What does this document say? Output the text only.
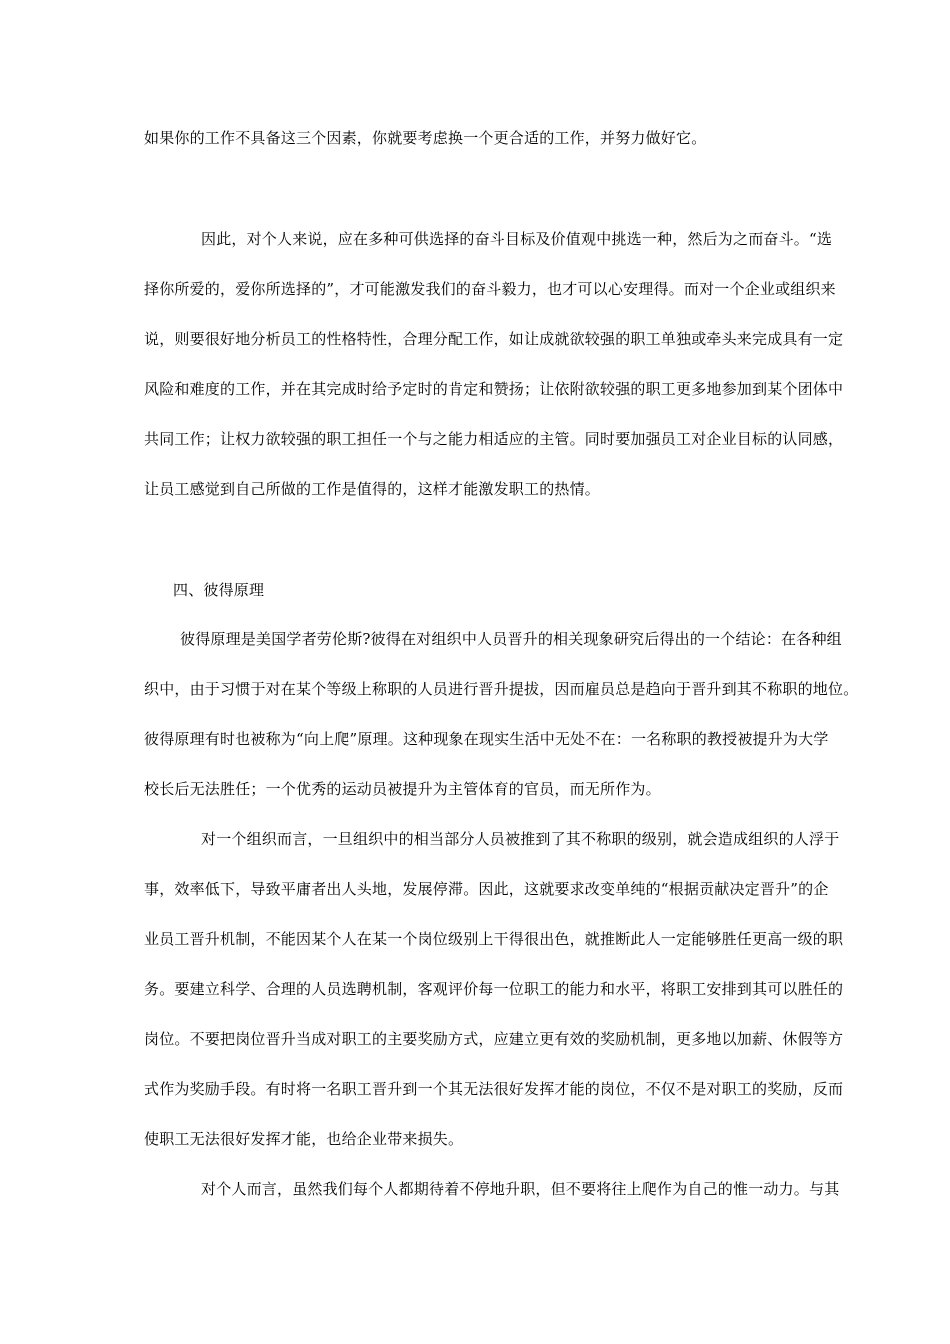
如果你的工作不具备这三个因素，你就要考虑换一个更合适的工作，并努力做好它。
因此，对个人来说，应在多种可供选择的奋斗目标及价值观中挑选一种，然后为之而奋斗。“选
择你所爱的，爱你所选择的”，才可能激发我们的奋斗毅力，也才可以心安理得。而对一个企业或组织来
说，则要很好地分析员工的性格特性，合理分配工作，如让成就欲较强的职工单独或牵头来完成具有一定
风险和难度的工作，并在其完成时给予定时的肯定和赞扬；让依附欲较强的职工更多地参加到某个团体中
共同工作；让权力欲较强的职工担任一个与之能力相适应的主管。同时要加强员工对企业目标的认同感，
让员工感觉到自己所做的工作是值得的，这样才能激发职工的热情。
四、彼得原理
彼得原理是美国学者劳伦斯?彼得在对组织中人员晋升的相关现象研究后得出的一个结论：在各种组
织中，由于习惯于对在某个等级上称职的人员进行晋升提拔，因而雇员总是趋向于晋升到其不称职的地位。
彼得原理有时也被称为“向上爬”原理。这种现象在现实生活中无处不在：一名称职的教授被提升为大学
校长后无法胜任；一个优秀的运动员被提升为主管体育的官员，而无所作为。
对一个组织而言，一旦组织中的相当部分人员被推到了其不称职的级别，就会造成组织的人浮于
事，效率低下，导致平庸者出人头地，发展停滞。因此，这就要求改变单纯的“根据贡献决定晋升”的企
业员工晋升机制，不能因某个人在某一个岗位级别上干得很出色，就推断此人一定能够胜任更高一级的职
务。要建立科学、合理的人员选聘机制，客观评价每一位职工的能力和水平，将职工安排到其可以胜任的
岗位。不要把岗位晋升当成对职工的主要奖励方式，应建立更有效的奖励机制，更多地以加薪、休假等方
式作为奖励手段。有时将一名职工晋升到一个其无法很好发挥才能的岗位，不仅不是对职工的奖励，反而
使职工无法很好发挥才能，也给企业带来损失。
对个人而言，虽然我们每个人都期待着不停地升职，但不要将往上爬作为自己的惟一动力。与其
